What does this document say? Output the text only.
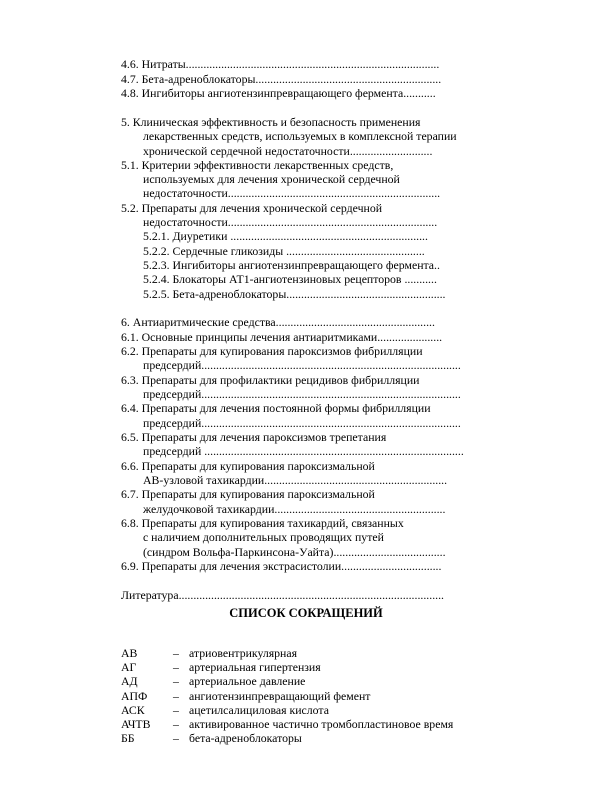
4.6. Нитраты......................................................................................
4.7. Бета-адреноблокаторы...............................................................
4.8. Ингибиторы ангиотензинпревращающего фермента...........
5. Клиническая эффективность и безопасность применения
лекарственных средств, используемых в комплексной терапии
хронической сердечной недостаточности............................
5.1. Критерии эффективности лекарственных средств,
используемых для лечения хронической сердечной
недостаточности........................................................................
5.2. Препараты для лечения хронической сердечной
недостаточности.......................................................................
5.2.1. Диуретики ...................................................................
5.2.2. Сердечные гликозиды ...............................................
5.2.3. Ингибиторы ангиотензинпревращающего фермента..
5.2.4. Блокаторы АТ1-ангиотензиновых рецепторов ...........
5.2.5. Бета-адреноблокаторы......................................................
6. Антиаритмические средства......................................................
6.1. Основные принципы лечения антиаритмиками......................
6.2. Препараты для купирования пароксизмов фибрилляции
предсердий........................................................................................
6.3. Препараты для профилактики рецидивов фибрилляции
предсердий........................................................................................
6.4. Препараты для лечения постоянной формы фибрилляции
предсердий........................................................................................
6.5. Препараты для лечения пароксизмов трепетания
предсердий ........................................................................................
6.6. Препараты для купирования пароксизмальной
АВ-узловой тахикардии..............................................................
6.7. Препараты для купирования пароксизмальной
желудочковой тахикардии..........................................................
6.8. Препараты для купирования тахикардий, связанных
с наличием дополнительных проводящих путей
(синдром Вольфа-Паркинсона-Уайта)......................................
6.9. Препараты для лечения экстрасистолии..................................
Литература..........................................................................................
СПИСОК СОКРАЩЕНИЙ
АВ	– атриовентрикулярная
АГ	– артериальная гипертензия
АД	– артериальное давление
АПФ – ангиотензинпревращающий фемент
АСК – ацетилсалициловая кислота
АЧТВ – активированное частично тромбопластиновое время
ББ	– бета-адреноблокаторы
